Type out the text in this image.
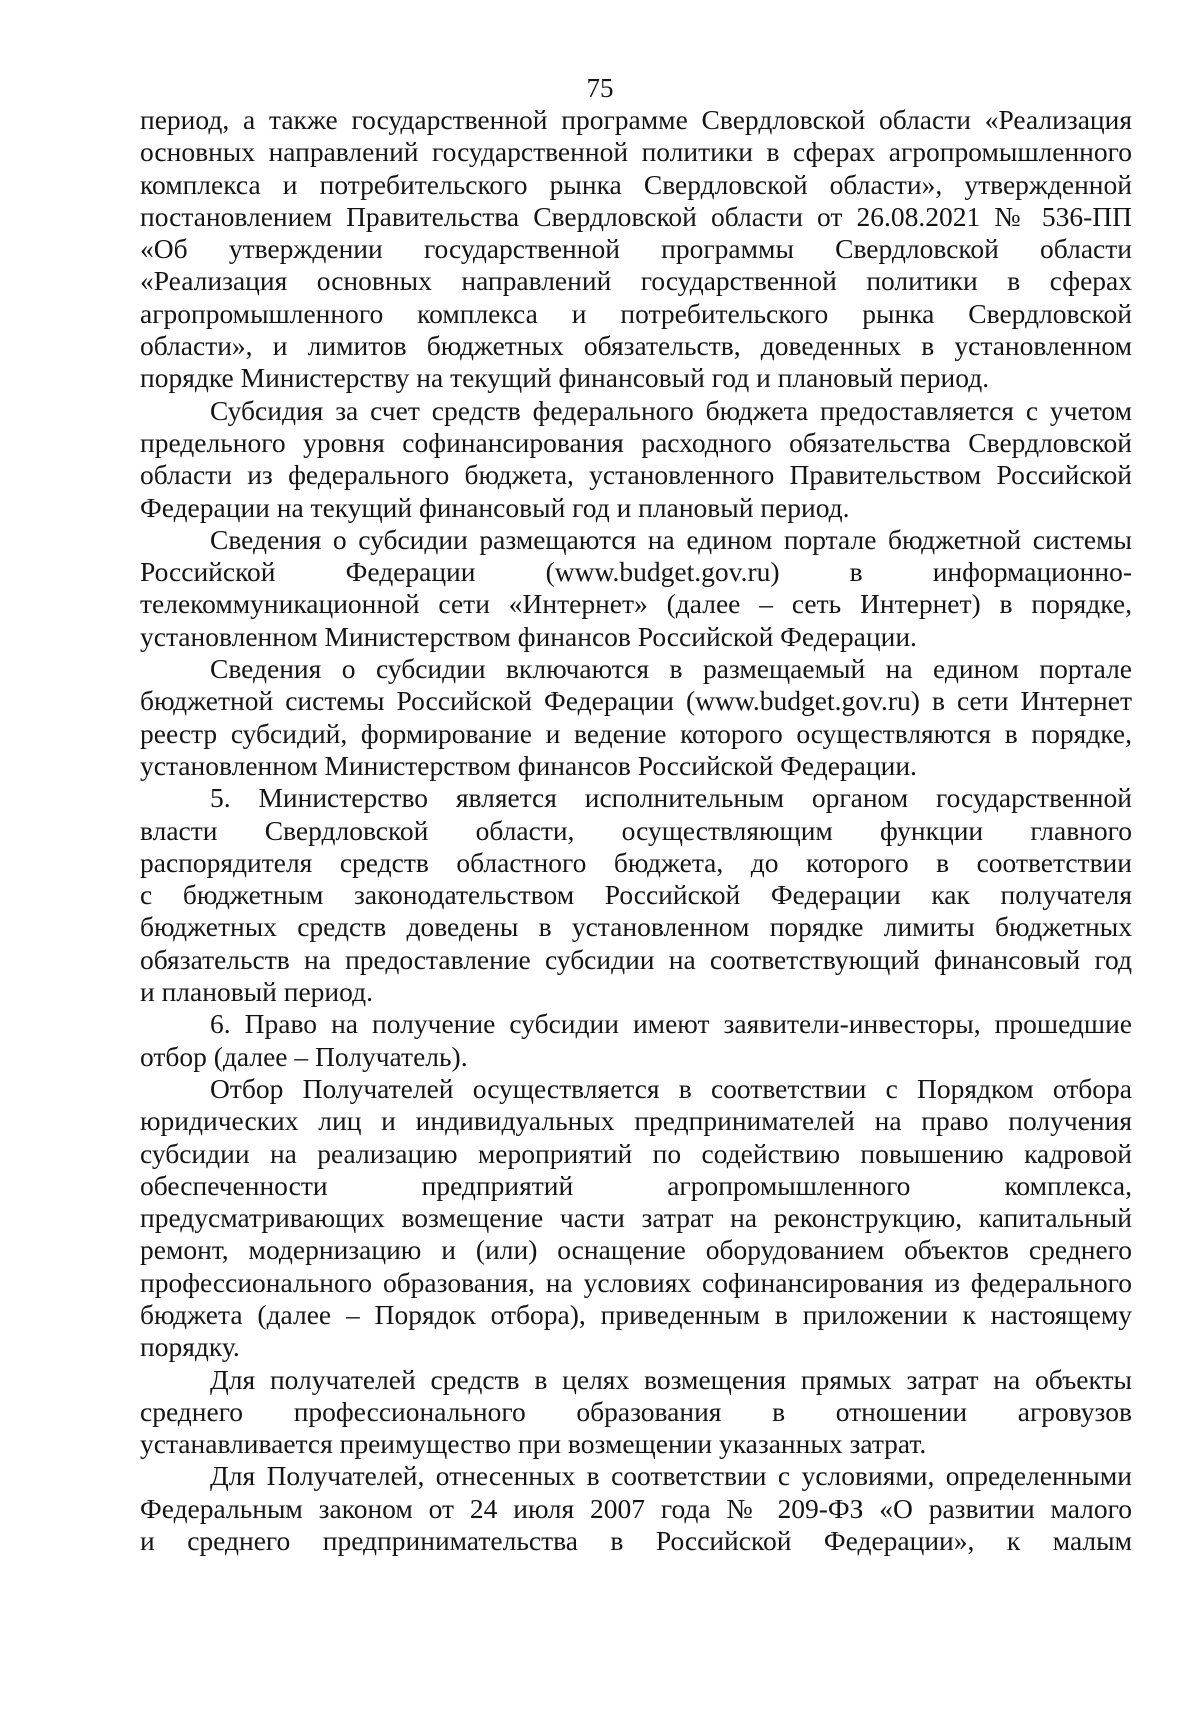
75

период, а также государственной программе Свердловской области «Реализация
основных направлений государственной политики в сферах агропромышленного
комплекса и потребительского рынка Свердловской области», утвержденной
постановлением Правительства Свердловской области от 26.08.2021 № 536-ПП
«Об утверждении государственной программы Свердловской области
«Реализация основных направлений государственной политики в сферах
агропромышленного комплекса и потребительского рынка Свердловской
области», и лимитов бюджетных обязательств, доведенных в установленном
порядке Министерству на текущий финансовый год и плановый период.

Субсидия за счет средств федерального бюджета предоставляется с учетом
предельного уровня софинансирования расходного обязательства Свердловской
области из федерального бюджета, установленного Правительством Российской
Федерации на текущий финансовый год и плановый период.

Сведения о субсидии размещаются на едином портале бюджетной системы
Российской Федерации (www.budget.gov.ru) в информационно-
телекоммуникационной сети «Интернет» (далее – сеть Интернет) в порядке,
установленном Министерством финансов Российской Федерации.

Сведения о субсидии включаются в размещаемый на едином портале
бюджетной системы Российской Федерации (www.budget.gov.ru) в сети Интернет
реестр субсидий, формирование и ведение которого осуществляются в порядке,
установленном Министерством финансов Российской Федерации.

5. Министерство является исполнительным органом государственной
власти Свердловской области, осуществляющим функции главного
распорядителя средств областного бюджета, до которого в соответствии
с бюджетным законодательством Российской Федерации как получателя
бюджетных средств доведены в установленном порядке лимиты бюджетных
обязательств на предоставление субсидии на соответствующий финансовый год
и плановый период.

6. Право на получение субсидии имеют заявители-инвесторы, прошедшие
отбор (далее – Получатель).

Отбор Получателей осуществляется в соответствии с Порядком отбора
юридических лиц и индивидуальных предпринимателей на право получения
субсидии на реализацию мероприятий по содействию повышению кадровой
обеспеченности предприятий агропромышленного комплекса,
предусматривающих возмещение части затрат на реконструкцию, капитальный
ремонт, модернизацию и (или) оснащение оборудованием объектов среднего
профессионального образования, на условиях софинансирования из федерального
бюджета (далее – Порядок отбора), приведенным в приложении к настоящему
порядку.

Для получателей средств в целях возмещения прямых затрат на объекты
среднего профессионального образования в отношении агровузов
устанавливается преимущество при возмещении указанных затрат.

Для Получателей, отнесенных в соответствии с условиями, определенными
Федеральным законом от 24 июля 2007 года № 209-ФЗ «О развитии малого
и среднего предпринимательства в Российской Федерации», к малым
